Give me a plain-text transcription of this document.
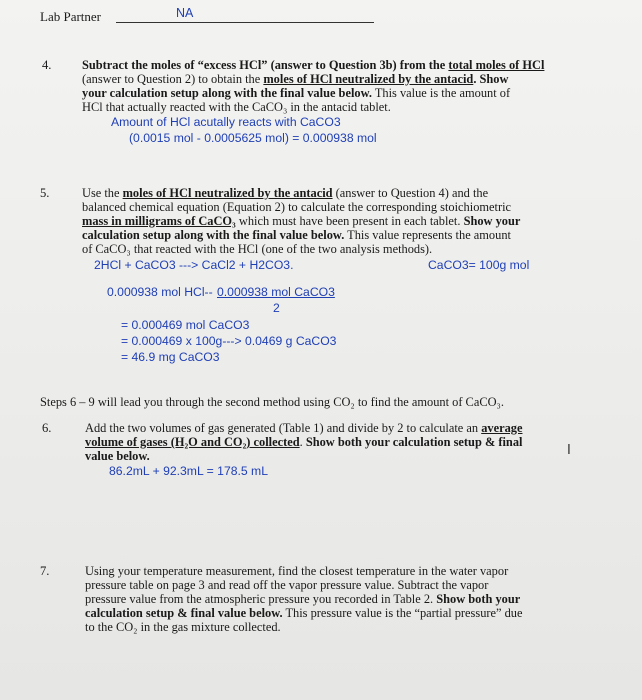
Lab Partner	NA
4. Subtract the moles of “excess HCl” (answer to Question 3b) from the total moles of HCl
(answer to Question 2) to obtain the moles of HCl neutralized by the antacid. Show
your calculation setup along with the final value below. This value is the amount of
HCl that actually reacted with the CaCO₃ in the antacid tablet.
Amount of HCl acutally reacts with CaCO3
(0.0015 mol - 0.0005625 mol) = 0.000938 mol
5.	Use the moles of HCl neutralized by the antacid (answer to Question 4) and the
balanced chemical equation (Equation 2) to calculate the corresponding stoichiometric
mass in milligrams of CaCO₃ which must have been present in each tablet. Show your
calculation setup along with the final value below. This value represents the amount
of CaCO₃ that reacted with the HCl (one of the two analysis methods).
2HCl + CaCO3 ---> CaCl2 + H2CO3.	CaCO3= 100g mol
0.000938 mol HCl-- 0.000938 mol CaCO3
2
= 0.000469 mol CaCO3
= 0.000469 x 100g---> 0.0469 g CaCO3
= 46.9 mg CaCO3
Steps 6 – 9 will lead you through the second method using CO₂ to find the amount of CaCO₃.
6.	Add the two volumes of gas generated (Table 1) and divide by 2 to calculate an average
volume of gases (H₂O and CO₂) collected. Show both your calculation setup & final
value below.	I
86.2mL + 92.3mL = 178.5 mL
7.	Using your temperature measurement, find the closest temperature in the water vapor
pressure table on page 3 and read off the vapor pressure value. Subtract the vapor
pressure value from the atmospheric pressure you recorded in Table 2. Show both your
calculation setup & final value below. This pressure value is the “partial pressure” due
to the CO₂ in the gas mixture collected.
